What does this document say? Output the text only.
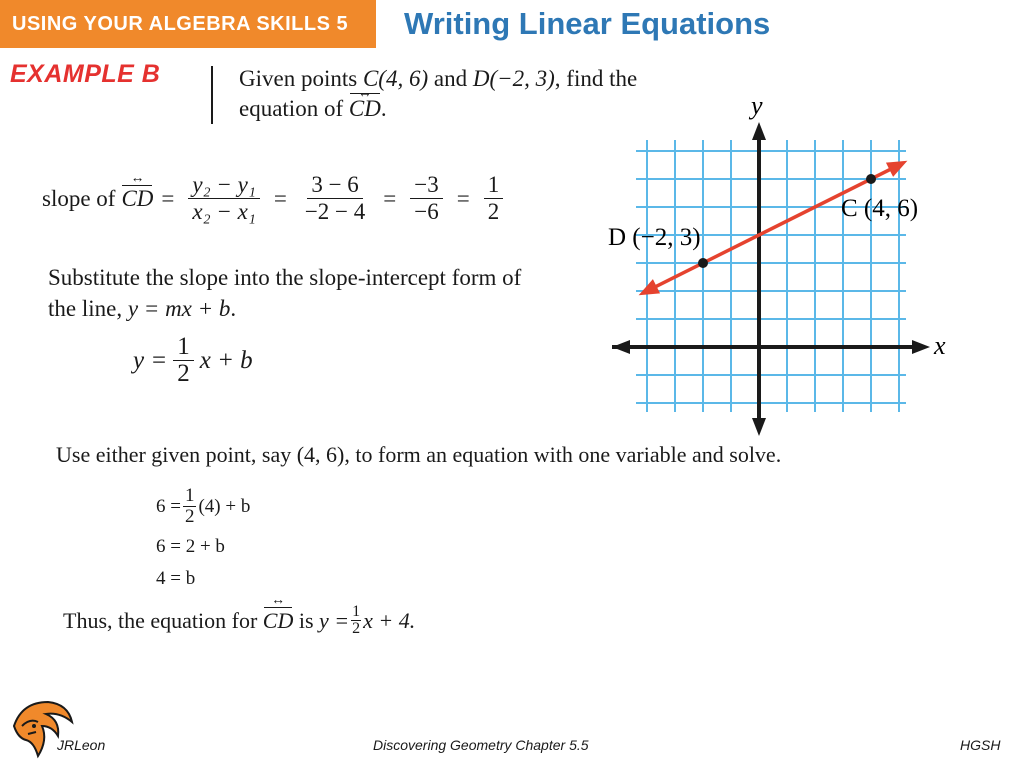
USING YOUR ALGEBRA SKILLS 5	Writing Linear Equations
EXAMPLE B	Given points C(4, 6) and D(−2, 3), find the equation of CD ↔.
slope of CD ↔ = $\frac{\text{y₂ − y₁}}{\text{x₂ − x₁}} = \frac{3 - 6}{-2 - 4} = \frac{-3}{-6} = \frac{1}{2}$
Substitute the slope into the slope-intercept form of
the line, y = mx + b.
$y = \frac{1}{2}$ x + b
Use either given point, say (4, 6), to form an equation with one variable and solve.
$6 = \frac{1}{2} (4) + b$
6 = 2 + b
4 = b
Thus, the equation for CD ↔ is $y = \frac{1}{2}$ x + 4.
x
y
C (4, 6)
D (−2, 3)
JRLeon	Discovering Geometry Chapter 5.5	HGSH
